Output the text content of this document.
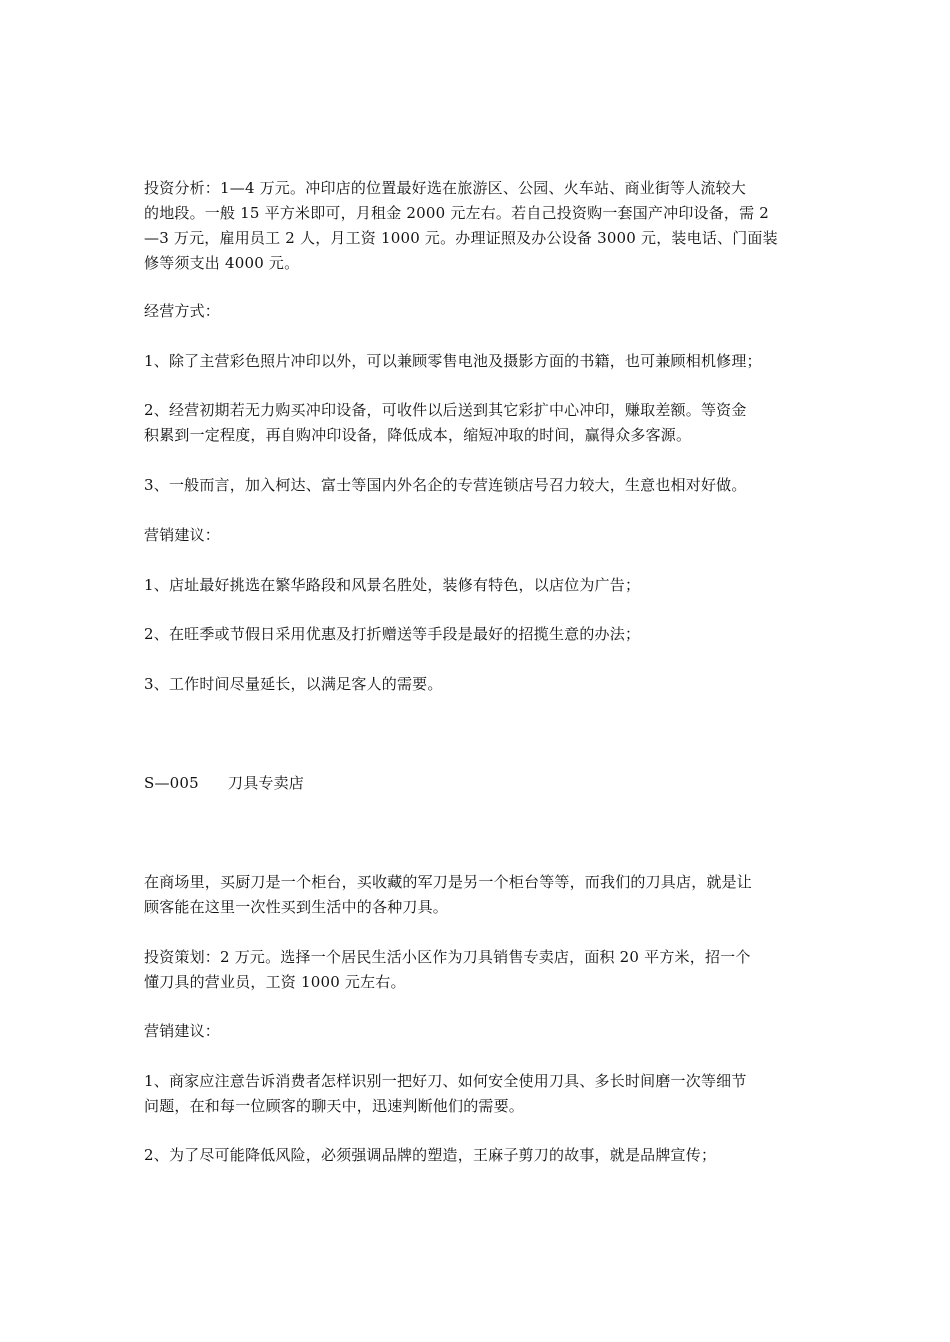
投资分析：1—4 万元。冲印店的位置最好选在旅游区、公园、火车站、商业街等人流较大
的地段。一般 15 平方米即可，月租金 2000 元左右。若自己投资购一套国产冲印设备，需 2
—3 万元，雇用员工 2 人，月工资 1000 元。办理证照及办公设备 3000 元，装电话、门面装
修等须支出 4000 元。

经营方式：

1、除了主营彩色照片冲印以外，可以兼顾零售电池及摄影方面的书籍，也可兼顾相机修理；

2、经营初期若无力购买冲印设备，可收件以后送到其它彩扩中心冲印，赚取差额。等资金
积累到一定程度，再自购冲印设备，降低成本，缩短冲取的时间，赢得众多客源。

3、一般而言，加入柯达、富士等国内外名企的专营连锁店号召力较大，生意也相对好做。

营销建议：

1、店址最好挑选在繁华路段和风景名胜处，装修有特色，以店位为广告；

2、在旺季或节假日采用优惠及打折赠送等手段是最好的招揽生意的办法；

3、工作时间尽量延长，以满足客人的需要。

S—005 刀具专卖店

在商场里，买厨刀是一个柜台，买收藏的军刀是另一个柜台等等，而我们的刀具店，就是让
顾客能在这里一次性买到生活中的各种刀具。
投资策划：2 万元。选择一个居民生活小区作为刀具销售专卖店，面积 20 平方米，招一个
懂刀具的营业员，工资 1000 元左右。

营销建议：

1、商家应注意告诉消费者怎样识别一把好刀、如何安全使用刀具、多长时间磨一次等细节
问题，在和每一位顾客的聊天中，迅速判断他们的需要。

2、为了尽可能降低风险，必须强调品牌的塑造，王麻子剪刀的故事，就是品牌宣传；
